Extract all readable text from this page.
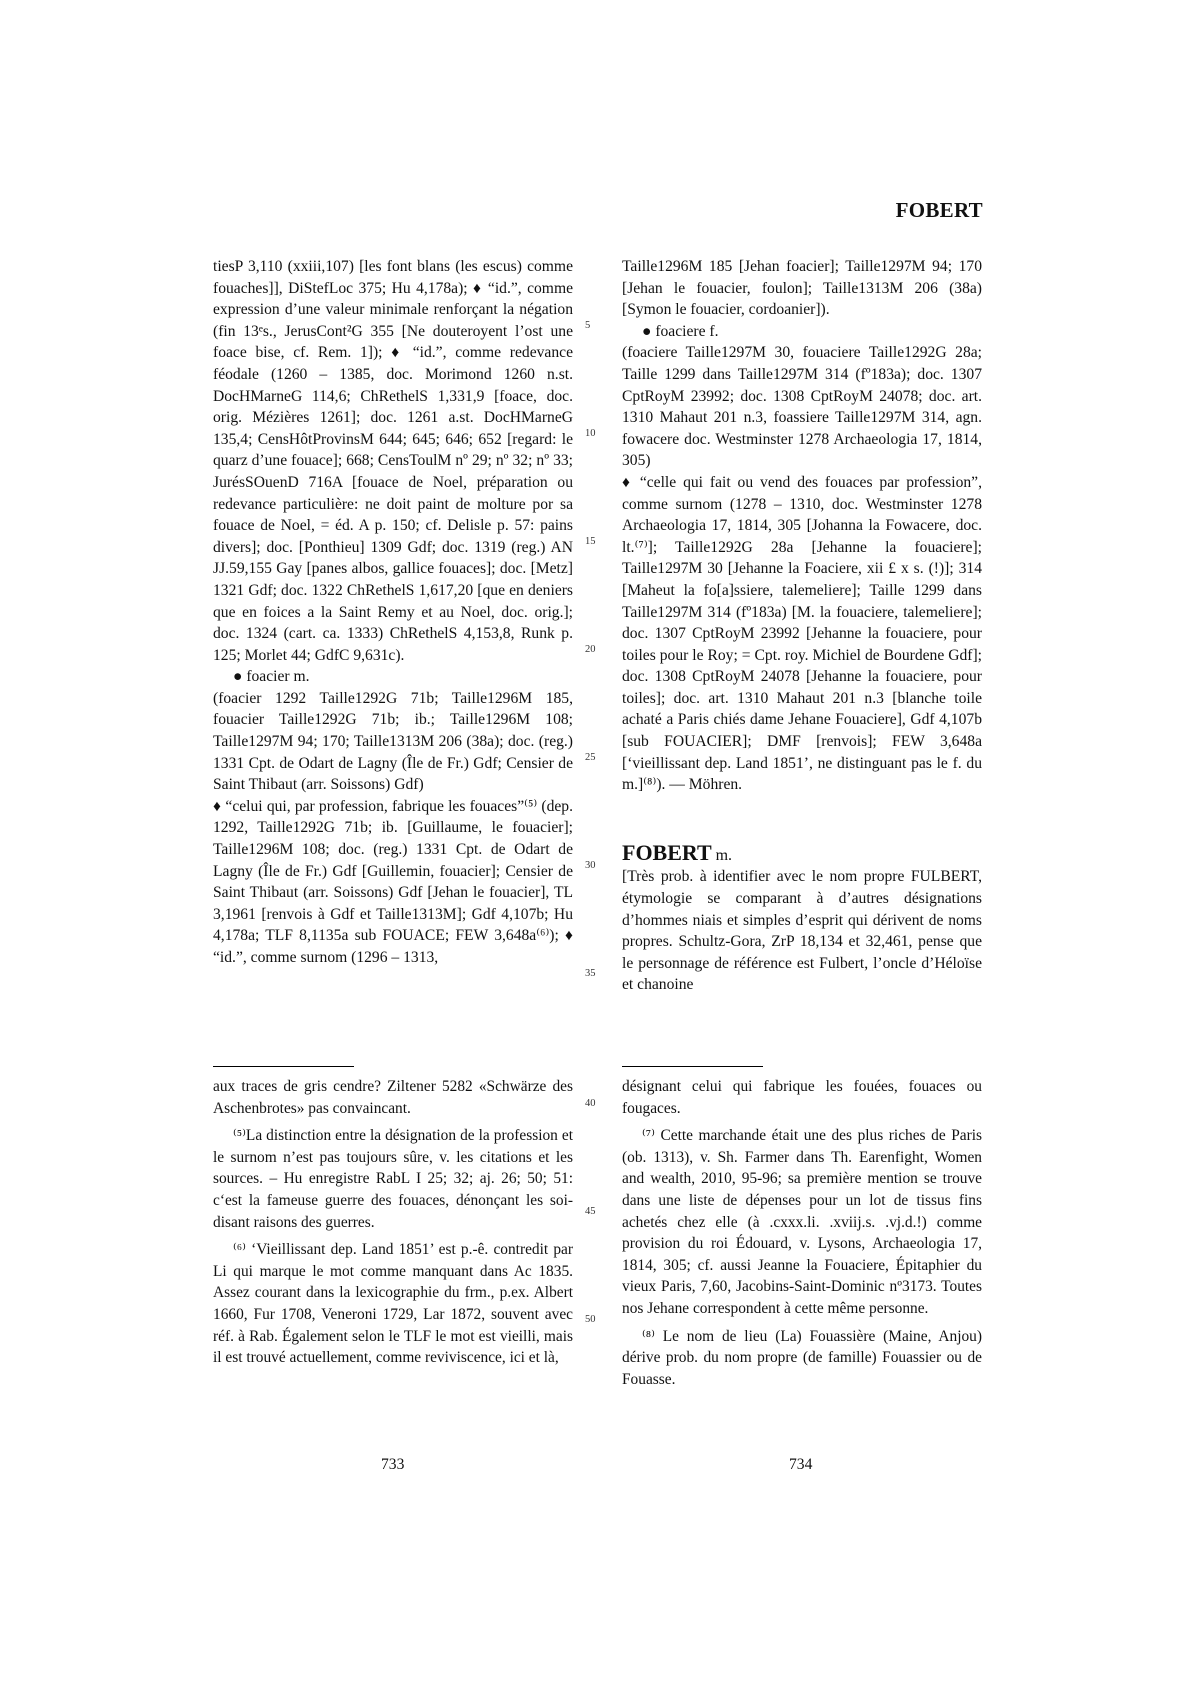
FOBERT

tiesP 3,110 (xxiii,107) [les font blans (les escus) comme fouaches]], DiStefLoc 375; Hu 4,178a); ♦ “id.”, comme expression d’une valeur minimale renforçant la négation (fin 13ᵉs., JerusCont²G 355 [Ne douteroyent l’ost une foace bise, cf. Rem. 1]); ♦ “id.”, comme redevance féodale (1260 – 1385, doc. Morimond 1260 n.st. DocHMarneG 114,6; ChRethelS 1,331,9 [foace, doc. orig. Mézières 1261]; doc. 1261 a.st. DocHMarneG 135,4; CensHôtProvinsM 644; 645; 646; 652 [regard: le quarz d’une fouace]; 668; CensToulM nº 29; nº 32; nº 33; JurésSOuenD 716A [fouace de Noel, préparation ou redevance particulière: ne doit paint de molture por sa fouace de Noel, = éd. A p. 150; cf. Delisle p. 57: pains divers]; doc. [Ponthieu] 1309 Gdf; doc. 1319 (reg.) AN JJ.59,155 Gay [panes albos, gallice fouaces]; doc. [Metz] 1321 Gdf; doc. 1322 ChRethelS 1,617,20 [que en deniers que en foices a la Saint Remy et au Noel, doc. orig.]; doc. 1324 (cart. ca. 1333) ChRethelS 4,153,8, Runk p. 125; Morlet 44; GdfC 9,631c).

● foacier m.

(foacier 1292 Taille1292G 71b; Taille1296M 185, fouacier Taille1292G 71b; ib.; Taille1296M 108; Taille1297M 94; 170; Taille1313M 206 (38a); doc. (reg.) 1331 Cpt. de Odart de Lagny (Île de Fr.) Gdf; Censier de Saint Thibaut (arr. Soissons) Gdf)

♦ “celui qui, par profession, fabrique les fouaces”⁽⁵⁾ (dep. 1292, Taille1292G 71b; ib. [Guillaume, le fouacier]; Taille1296M 108; doc. (reg.) 1331 Cpt. de Odart de Lagny (Île de Fr.) Gdf [Guillemin, fouacier]; Censier de Saint Thibaut (arr. Soissons) Gdf [Jehan le fouacier], TL 3,1961 [renvois à Gdf et Taille1313M]; Gdf 4,107b; Hu 4,178a; TLF 8,1135a sub FOUACE; FEW 3,648a⁽⁶⁾); ♦ “id.”, comme surnom (1296 – 1313,

5
10
15
20
25
30
35
40
45
50

Taille1296M 185 [Jehan foacier]; Taille1297M 94; 170 [Jehan le fouacier, foulon]; Taille1313M 206 (38a) [Symon le fouacier, cordoanier]).

● foaciere f.

(foaciere Taille1297M 30, fouaciere Taille1292G 28a; Taille 1299 dans Taille1297M 314 (fº183a); doc. 1307 CptRoyM 23992; doc. 1308 CptRoyM 24078; doc. art. 1310 Mahaut 201 n.3, foassiere Taille1297M 314, agn. fowacere doc. Westminster 1278 Archaeologia 17, 1814, 305)

♦ “celle qui fait ou vend des fouaces par profession”, comme surnom (1278 – 1310, doc. Westminster 1278 Archaeologia 17, 1814, 305 [Johanna la Fowacere, doc. lt.⁽⁷⁾]; Taille1292G 28a [Jehanne la fouaciere]; Taille1297M 30 [Jehanne la Foaciere, xii £ x s. (!)]; 314 [Maheut la fo[a]ssiere, talemeliere]; Taille 1299 dans Taille1297M 314 (fº183a) [M. la fouaciere, talemeliere]; doc. 1307 CptRoyM 23992 [Jehanne la fouaciere, pour toiles pour le Roy; = Cpt. roy. Michiel de Bourdene Gdf]; doc. 1308 CptRoyM 24078 [Jehanne la fouaciere, pour toiles]; doc. art. 1310 Mahaut 201 n.3 [blanche toile achaté a Paris chiés dame Jehane Fouaciere], Gdf 4,107b [sub FOUACIER]; DMF [renvois]; FEW 3,648a [‘vieillissant dep. Land 1851’, ne distinguant pas le f. du m.]⁽⁸⁾). — Möhren.

FOBERT m.

[Très prob. à identifier avec le nom propre FULBERT, étymologie se comparant à d’autres désignations d’hommes niais et simples d’esprit qui dérivent de noms propres. Schultz-Gora, ZrP 18,134 et 32,461, pense que le personnage de référence est Fulbert, l’oncle d’Héloïse et chanoine

aux traces de gris cendre? Ziltener 5282 «Schwärze des Aschenbrotes» pas convaincant.

⁽⁵⁾La distinction entre la désignation de la profession et le surnom n’est pas toujours sûre, v. les citations et les sources. – Hu enregistre RabL I 25; 32; aj. 26; 50; 51: c‘est la fameuse guerre des fouaces, dénonçant les soi-disant raisons des guerres.

⁽⁶⁾ ‘Vieillissant dep. Land 1851’ est p.-ê. contredit par Li qui marque le mot comme manquant dans Ac 1835. Assez courant dans la lexicographie du frm., p.ex. Albert 1660, Fur 1708, Veneroni 1729, Lar 1872, souvent avec réf. à Rab. Également selon le TLF le mot est vieilli, mais il est trouvé actuellement, comme reviviscence, ici et là,

désignant celui qui fabrique les fouées, fouaces ou fougaces.

⁽⁷⁾ Cette marchande était une des plus riches de Paris (ob. 1313), v. Sh. Farmer dans Th. Earenfight, Women and wealth, 2010, 95-96; sa première mention se trouve dans une liste de dépenses pour un lot de tissus fins achetés chez elle (à .cxxx.li. .xviij.s. .vj.d.!) comme provision du roi Édouard, v. Lysons, Archaeologia 17, 1814, 305; cf. aussi Jeanne la Fouaciere, Épitaphier du vieux Paris, 7,60, Jacobins-Saint-Dominic nº3173. Toutes nos Jehane correspondent à cette même personne.

⁽⁸⁾ Le nom de lieu (La) Fouassière (Maine, Anjou) dérive prob. du nom propre (de famille) Fouassier ou de Fouasse.

733	734
